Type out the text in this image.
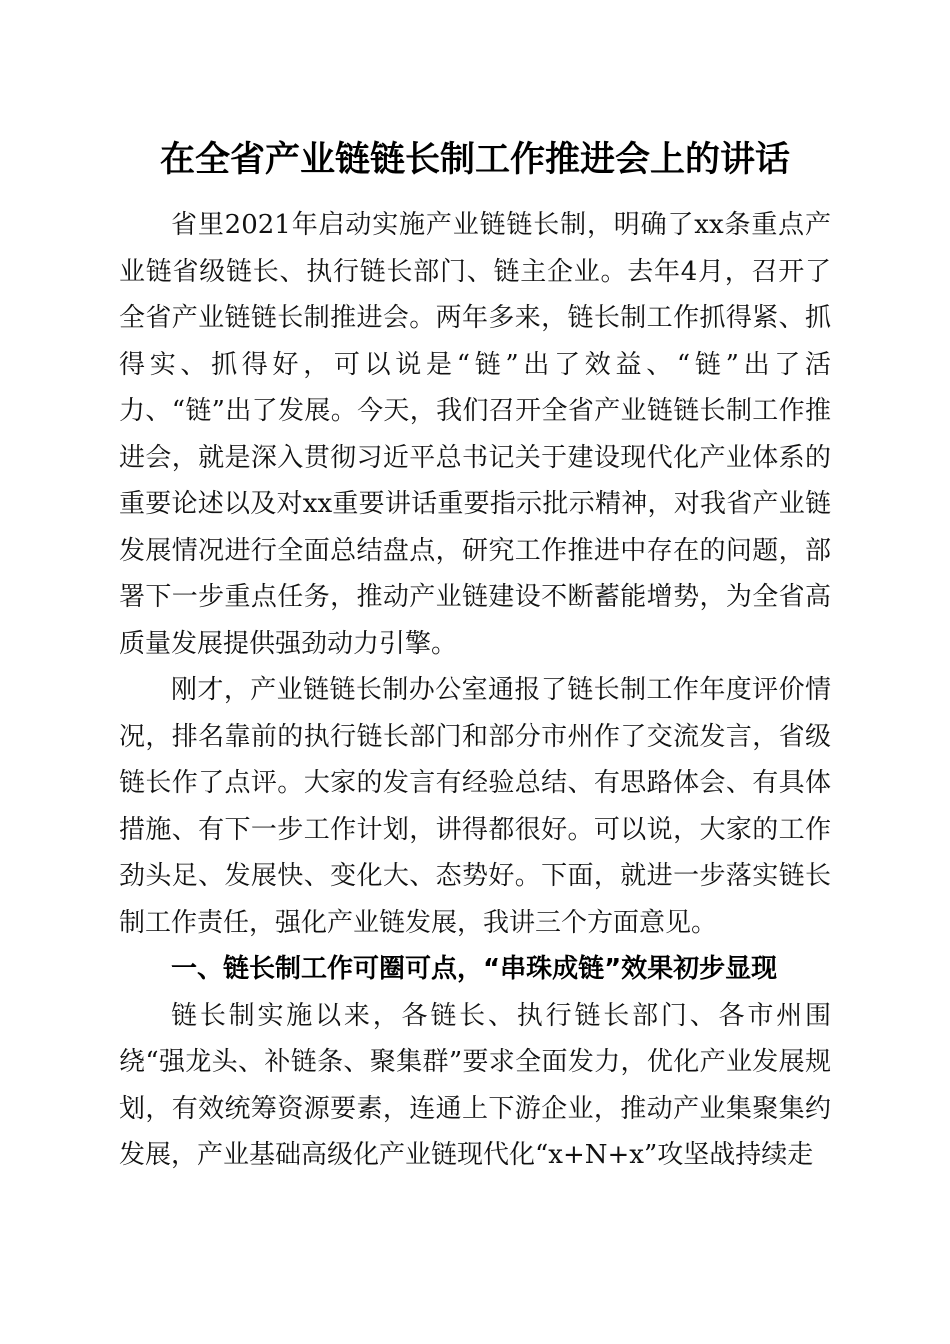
在全省产业链链长制工作推进会上的讲话

省里2021年启动实施产业链链长制，明确了xx条重点产业链省级链长、执行链长部门、链主企业。去年4月，召开了全省产业链链长制推进会。两年多来，链长制工作抓得紧、抓得实、抓得好，可以说是“链”出了效益、“链”出了活力、“链”出了发展。今天，我们召开全省产业链链长制工作推进会，就是深入贯彻习近平总书记关于建设现代化产业体系的重要论述以及对xx重要讲话重要指示批示精神，对我省产业链发展情况进行全面总结盘点，研究工作推进中存在的问题，部署下一步重点任务，推动产业链建设不断蓄能增势，为全省高质量发展提供强劲动力引擎。

刚才，产业链链长制办公室通报了链长制工作年度评价情况，排名靠前的执行链长部门和部分市州作了交流发言，省级链长作了点评。大家的发言有经验总结、有思路体会、有具体措施、有下一步工作计划，讲得都很好。可以说，大家的工作劲头足、发展快、变化大、态势好。下面，就进一步落实链长制工作责任，强化产业链发展，我讲三个方面意见。

一、链长制工作可圈可点，“串珠成链”效果初步显现

链长制实施以来，各链长、执行链长部门、各市州围绕“强龙头、补链条、聚集群”要求全面发力，优化产业发展规划，有效统筹资源要素，连通上下游企业，推动产业集聚集约发展，产业基础高级化产业链现代化“x+N+x”攻坚战持续走
